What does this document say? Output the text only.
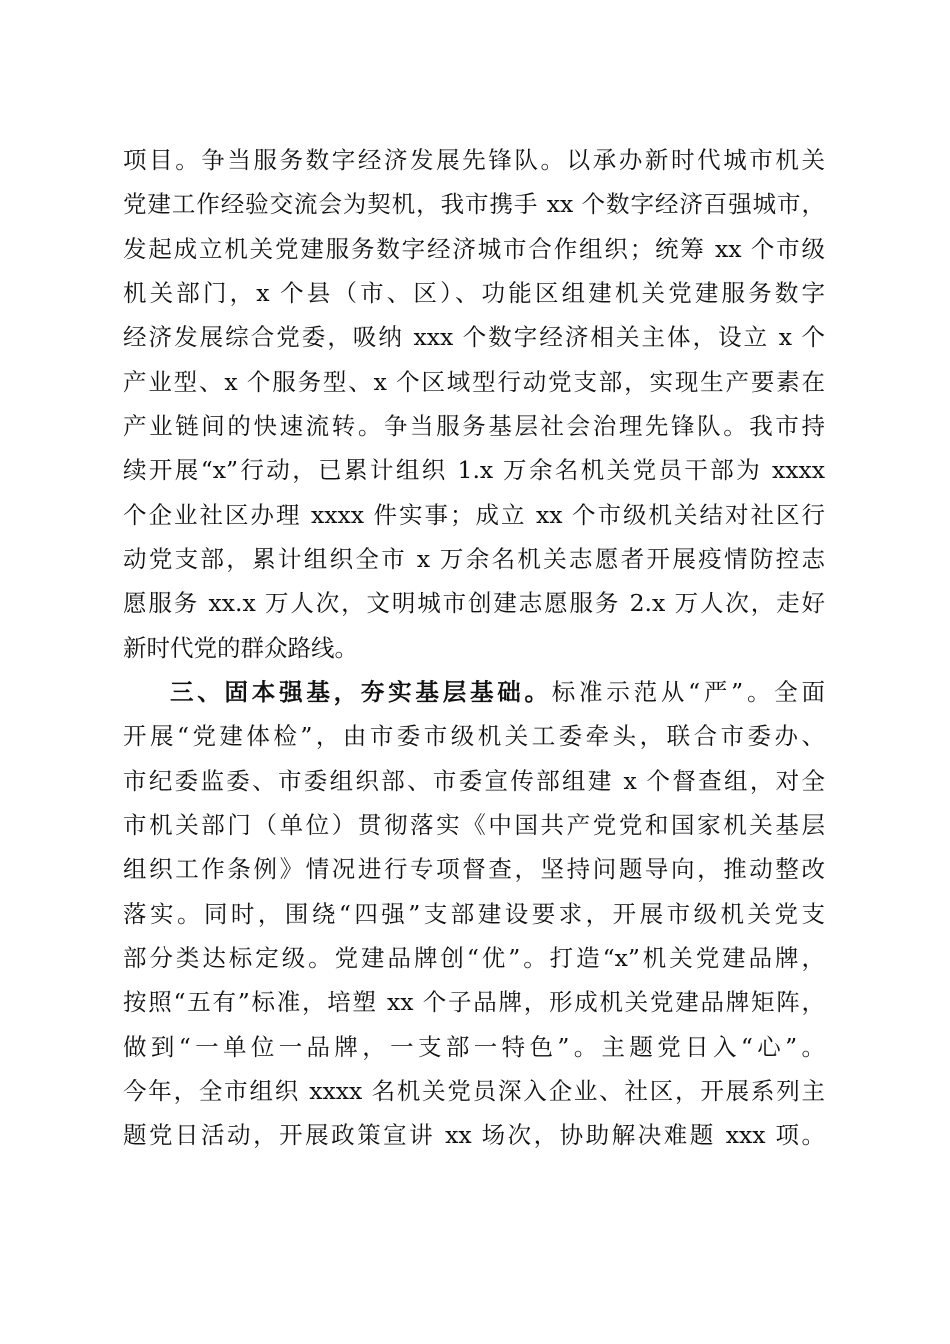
项目。争当服务数字经济发展先锋队。以承办新时代城市机关
党建工作经验交流会为契机，我市携手 xx 个数字经济百强城市，
发起成立机关党建服务数字经济城市合作组织；统筹 xx 个市级
机关部门，x 个县（市、区）、功能区组建机关党建服务数字
经济发展综合党委，吸纳 xxx 个数字经济相关主体，设立 x 个
产业型、x 个服务型、x 个区域型行动党支部，实现生产要素在
产业链间的快速流转。争当服务基层社会治理先锋队。我市持
续开展“x”行动，已累计组织 1.x 万余名机关党员干部为 xxxx
个企业社区办理 xxxx 件实事；成立 xx 个市级机关结对社区行
动党支部，累计组织全市 x 万余名机关志愿者开展疫情防控志
愿服务 xx.x 万人次，文明城市创建志愿服务 2.x 万人次，走好
新时代党的群众路线。
三、固本强基，夯实基层基础。标准示范从“严”。全面
开展“党建体检”，由市委市级机关工委牵头，联合市委办、
市纪委监委、市委组织部、市委宣传部组建 x 个督查组，对全
市机关部门（单位）贯彻落实《中国共产党党和国家机关基层
组织工作条例》情况进行专项督查，坚持问题导向，推动整改
落实。同时，围绕“四强”支部建设要求，开展市级机关党支
部分类达标定级。党建品牌创“优”。打造“x”机关党建品牌，
按照“五有”标准，培塑 xx 个子品牌，形成机关党建品牌矩阵，
做到“一单位一品牌，一支部一特色”。主题党日入“心”。
今年，全市组织 xxxx 名机关党员深入企业、社区，开展系列主
题党日活动，开展政策宣讲 xx 场次，协助解决难题 xxx 项。
